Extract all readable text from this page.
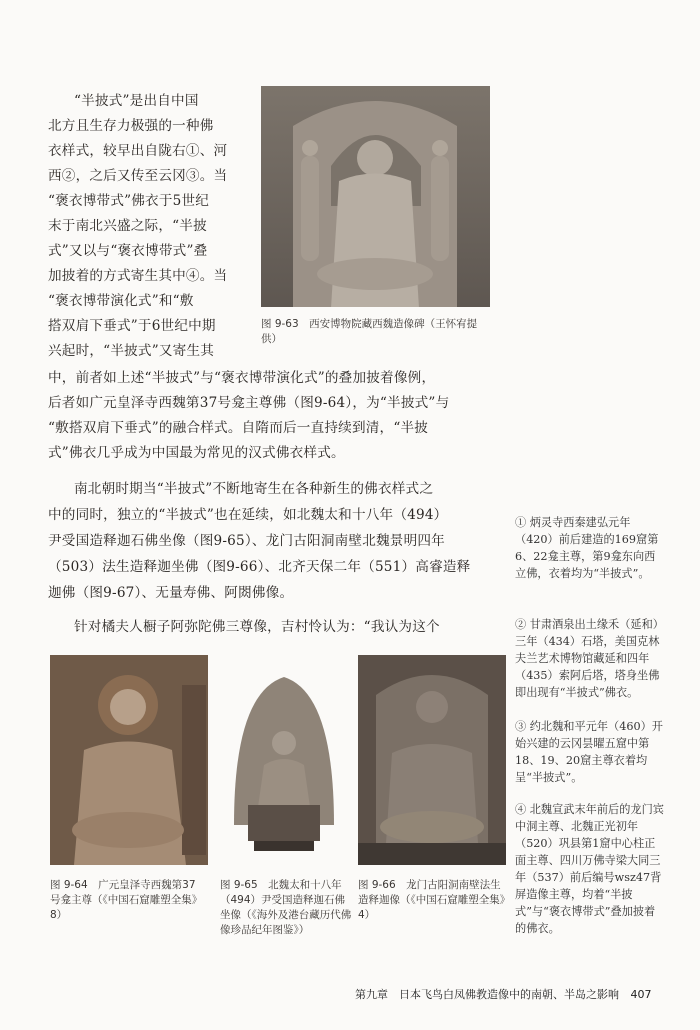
图 9-63　西安博物院藏西魏造像碑（王怀宥提供）
“半披式”是出自中国
北方且生存力极强的一种佛
衣样式，较早出自陇右①、河
西②，之后又传至云冈③。当
“褒衣博带式”佛衣于5世纪
末于南北兴盛之际，“半披
式”又以与“褒衣博带式”叠
加披着的方式寄生其中④。当
“褒衣博带演化式”和“敷
搭双肩下垂式”于6世纪中期
兴起时，“半披式”又寄生其
中，前者如上述“半披式”与“褒衣博带演化式”的叠加披着像例，
后者如广元皇泽寺西魏第37号龛主尊佛（图9-64），为“半披式”与
“敷搭双肩下垂式”的融合样式。自隋而后一直持续到清，“半披
式”佛衣几乎成为中国最为常见的汉式佛衣样式。
南北朝时期当“半披式”不断地寄生在各种新生的佛衣样式之
中的同时，独立的“半披式”也在延续，如北魏太和十八年（494）
尹受国造释迦石佛坐像（图9-65）、龙门古阳洞南壁北魏景明四年
（503）法生造释迦坐佛（图9-66）、北齐天保二年（551）高睿造释
迦佛（图9-67）、无量寿佛、阿閦佛像。
针对橘夫人橱子阿弥陀佛三尊像，吉村怜认为：“我认为这个
图 9-64　广元皇泽寺西魏第37 号龛主尊（《中国石窟雕塑全集》8）
图 9-65　北魏太和十八年（494）尹受国造释迦石佛坐像（《海外及港台藏历代佛像珍品纪年图鉴》）
图 9-66　龙门古阳洞南壁法生造释迦像（《中国石窟雕塑全集》4）
① 炳灵寺西秦建弘元年（420）前后建造的169窟第6、22龛主尊，第9龛东向西立佛，衣着均为“半披式”。
② 甘肃酒泉出土缘禾（延和）三年（434）石塔，美国克林夫兰艺术博物馆藏延和四年（435）索阿后塔，塔身坐佛即出现有“半披式”佛衣。
③ 约北魏和平元年（460）开始兴建的云冈昙曜五窟中第18、19、20窟主尊衣着均呈“半披式”。
④ 北魏宣武末年前后的龙门宾中洞主尊、北魏正光初年（520）巩县第1窟中心柱正面主尊、四川万佛寺梁大同三年（537）前后编号wsz47背屏造像主尊，均着“半披式”与“褒衣博带式”叠加披着的佛衣。
第九章　日本飞鸟白凤佛教造像中的南朝、半岛之影响 407
